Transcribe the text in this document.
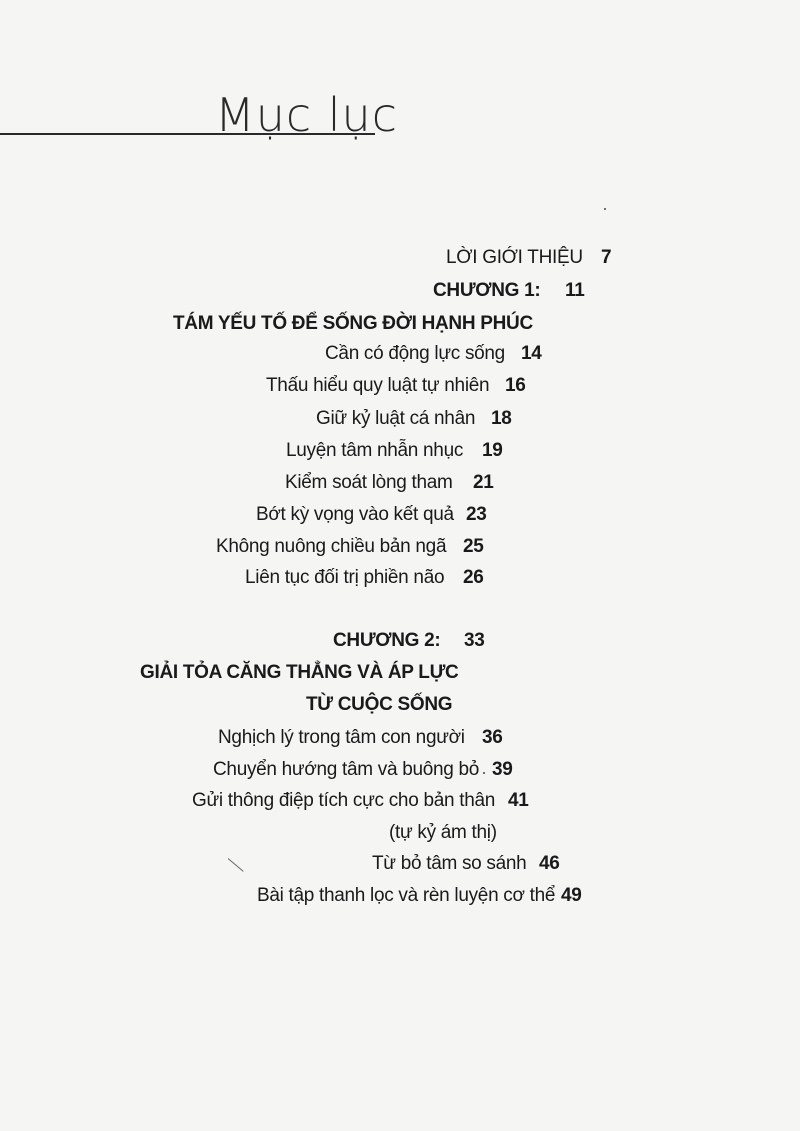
Mục lục
LỜI GIỚI THIỆU 7
CHƯƠNG 1: 11
TÁM YẾU TỐ ĐỂ SỐNG ĐỜI HẠNH PHÚC
Cần có động lực sống 14
Thấu hiểu quy luật tự nhiên 16
Giữ kỷ luật cá nhân 18
Luyện tâm nhẫn nhục 19
Kiểm soát lòng tham 21
Bớt kỳ vọng vào kết quả 23
Không nuông chiều bản ngã 25
Liên tục đối trị phiền não 26
CHƯƠNG 2: 33
GIẢI TỎA CĂNG THẲNG VÀ ÁP LỰC
TỪ CUỘC SỐNG
Nghịch lý trong tâm con người 36
Chuyển hướng tâm và buông bỏ 39
Gửi thông điệp tích cực cho bản thân 41
(tự kỷ ám thị)
Từ bỏ tâm so sánh 46
Bài tập thanh lọc và rèn luyện cơ thể 49
